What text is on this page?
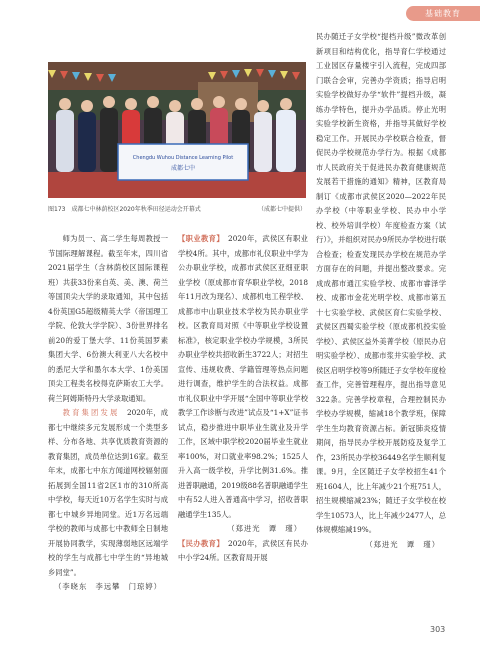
基础教育
Chengdu Wuhou Distance Learning Pilot
成都七中
图173 成都七中林荫校区2020年秋季田径运动会开幕式	（成都七中提供）

师为员一、高二学生每周教授一节国际理解课程。截至年末，四川省2021届学生（含林荫校区国际课程班）共获33份来自英、美、澳、荷兰等国顶尖大学的录取通知，其中包括4份英国G5超级精英大学（帝国理工学院、伦敦大学学院）、3份世界排名前20的爱丁堡大学、11份英国罗素集团大学、6份澳大利亚八大名校中的悉尼大学和墨尔本大学、1份美国顶尖工程类名校得克萨斯农工大学。荷兰阿姆斯特丹大学录取通知。

教育集团发展　 2020年，成都七中继续多元发展形成一个类型多样、分布各地、共享优质教育资源的教育集团，成员单位达到16家。截至年末，成都七中东方闻道网校辐射面拓展到全国11省2区1市的310所高中学校，每天近10万名学生实时与成都七中城乡异地同堂。近1万名远端学校的教师与成都七中教师全日制地开展协同教学，实现薄弱地区远端学校的学生与成都七中学生的“异地城乡同堂”。

（李晓东　李远攀　门琼婷）

【职业教育】　 2020年，武侯区有职业学校4所。其中，成都市礼仪职业中学为公办职业学校，成都市武侯区亚细亚职业学校（原成都市育华职业学校，2018年11月改为现名）、成都机电工程学校、成都市中山职业技术学校为民办职业学校。区教育局对照《中等职业学校设置标准》，核定职业学校办学规模，3所民办职业学校共招收新生3722人；对招生宣传、违规收费、学籍管理等热点问题进行调查，维护学生的合法权益。成都市礼仪职业中学开展“全国中等职业学校教学工作诊断与改进”试点及“1+X”证书试点，稳步推进中职毕业生就业及升学工作，区域中职学校2020届毕业生就业率100%，对口就业率98.2%；1525人升入高一级学校，升学比例31.6%。推进普职融通，2019级88名普职融通学生中有52人进入普通高中学习，招收普职融通学生135人。

（郑进光　谭　瑾）

【民办教育】　 2020年，武侯区有民办中小学24所。区教育局开展

民办随迁子女学校“提档升级”微改革创新项目和结构优化，指导育仁学校通过工业园区存量楼宇引入流程，完成四部门联合会审，完善办学资质；指导启明实验学校做好办学“软件”提档升级，凝练办学特色，提升办学品质。停止光明实验学校新生资格，并指导其做好学校稳定工作。开展民办学校联合检查，督促民办学校规范办学行为。根据《成都市人民政府关于促进民办教育健康规范发展若干措施的通知》精神，区教育局制订《成都市武侯区2020—2022年民办学校（中等职业学校、民办中小学校、校外培训学校）年度检查方案（试行）》，并组织对民办9所民办学校进行联合检查；检查发现民办学校在规范办学方面存在的问题，并提出整改要求。完成成都市通江实验学校、成都市睿泽学校、成都市金花光明学校、成都市第五十七实验学校、武侯区育仁实验学校、武侯区西蜀实验学校（原成都机投实验学校）、武侯区益外美菁学校（原民办启明实验学校）、成都市浆井实验学校、武侯区启明学校等9所随迁子女学校年度检查工作，完善管理程序，提出指导意见322条。完善学校章程，合理控制民办学校办学规模，缩减18个教学班，保障学生生均教育资源占标。新冠肺炎疫情期间，指导民办学校开展防疫及复学工作，23所民办学校36449名学生顺利复课。9月，全区随迁子女学校招生41个班1604人，比上年减少21个班751人，招生规模缩减23%；随迁子女学校在校学生10573人，比上年减少2477人，总体规模缩减19%。

（郑进光　谭　瑾）

303
